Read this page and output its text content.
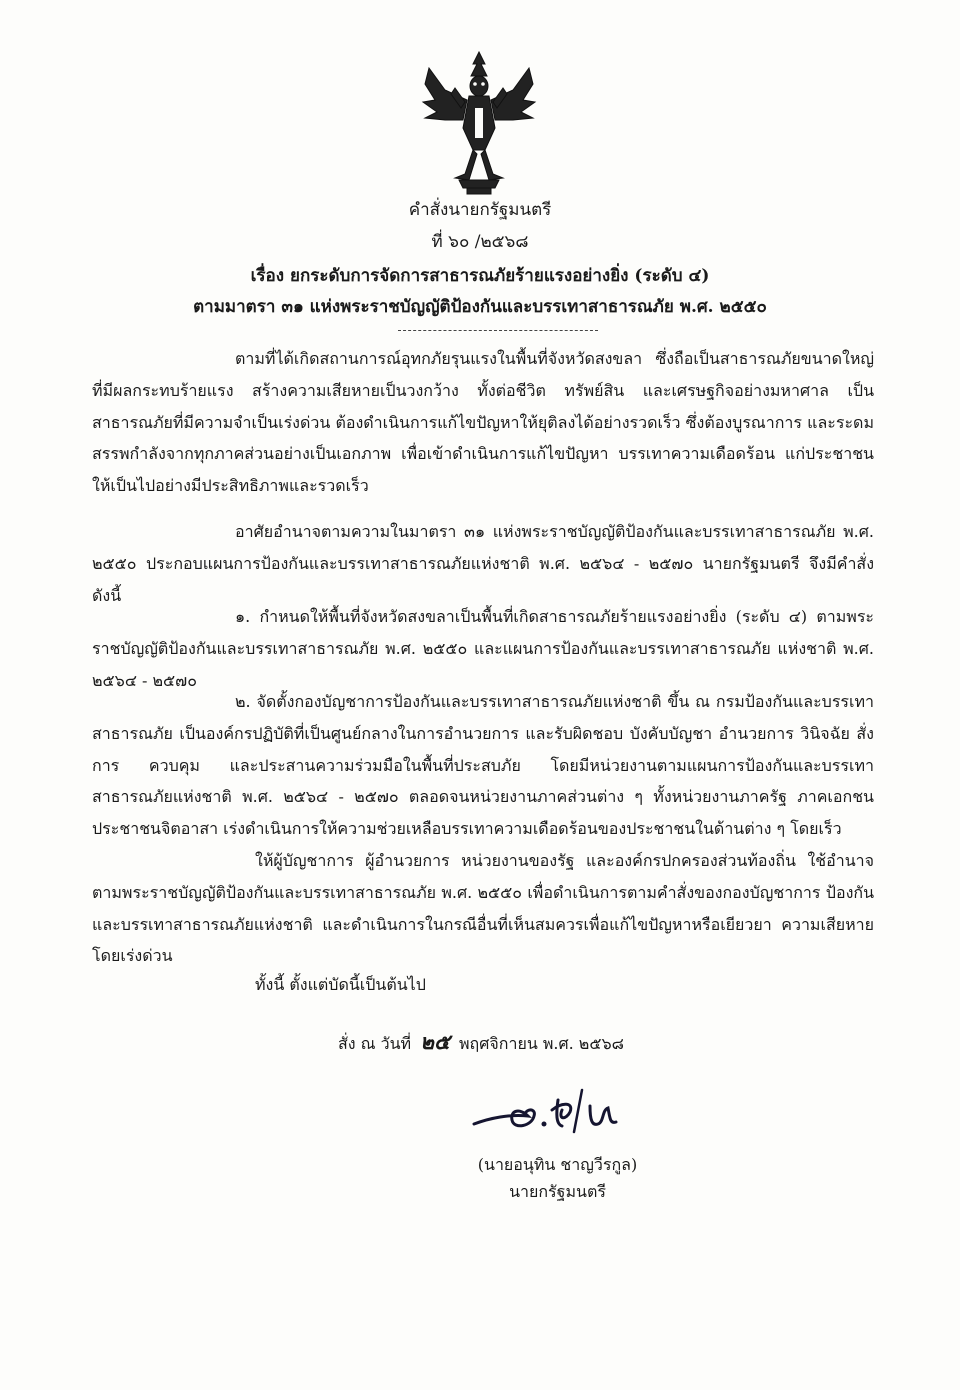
คำสั่งนายกรัฐมนตรี
ที่ ๖๐ /๒๕๖๘
เรื่อง ยกระดับการจัดการสาธารณภัยร้ายแรงอย่างยิ่ง (ระดับ ๔)
ตามมาตรา ๓๑ แห่งพระราชบัญญัติป้องกันและบรรเทาสาธารณภัย พ.ศ. ๒๕๕๐

ตามที่ได้เกิดสถานการณ์อุทกภัยรุนแรงในพื้นที่จังหวัดสงขลา ซึ่งถือเป็นสาธารณภัยขนาดใหญ่ ที่มีผลกระทบร้ายแรง สร้างความเสียหายเป็นวงกว้าง ทั้งต่อชีวิต ทรัพย์สิน และเศรษฐกิจอย่างมหาศาล เป็นสาธารณภัยที่มีความจำเป็นเร่งด่วน ต้องดำเนินการแก้ไขปัญหาให้ยุติลงได้อย่างรวดเร็ว ซึ่งต้องบูรณาการ และระดมสรรพกำลังจากทุกภาคส่วนอย่างเป็นเอกภาพ เพื่อเข้าดำเนินการแก้ไขปัญหา บรรเทาความเดือดร้อน แก่ประชาชนให้เป็นไปอย่างมีประสิทธิภาพและรวดเร็ว

อาศัยอำนาจตามความในมาตรา ๓๑ แห่งพระราชบัญญัติป้องกันและบรรเทาสาธารณภัย พ.ศ. ๒๕๕๐ ประกอบแผนการป้องกันและบรรเทาสาธารณภัยแห่งชาติ พ.ศ. ๒๕๖๔ - ๒๕๗๐ นายกรัฐมนตรี จึงมีคำสั่ง ดังนี้

๑. กำหนดให้พื้นที่จังหวัดสงขลาเป็นพื้นที่เกิดสาธารณภัยร้ายแรงอย่างยิ่ง (ระดับ ๔) ตามพระราชบัญญัติป้องกันและบรรเทาสาธารณภัย พ.ศ. ๒๕๕๐ และแผนการป้องกันและบรรเทาสาธารณภัย แห่งชาติ พ.ศ. ๒๕๖๔ - ๒๕๗๐

๒. จัดตั้งกองบัญชาการป้องกันและบรรเทาสาธารณภัยแห่งชาติ ขึ้น ณ กรมป้องกันและบรรเทา สาธารณภัย เป็นองค์กรปฏิบัติที่เป็นศูนย์กลางในการอำนวยการ และรับผิดชอบ บังคับบัญชา อำนวยการ วินิจฉัย สั่งการ ควบคุม และประสานความร่วมมือในพื้นที่ประสบภัย โดยมีหน่วยงานตามแผนการป้องกันและบรรเทา สาธารณภัยแห่งชาติ พ.ศ. ๒๕๖๔ - ๒๕๗๐ ตลอดจนหน่วยงานภาคส่วนต่าง ๆ ทั้งหน่วยงานภาครัฐ ภาคเอกชน ประชาชนจิตอาสา เร่งดำเนินการให้ความช่วยเหลือบรรเทาความเดือดร้อนของประชาชนในด้านต่าง ๆ โดยเร็ว

ให้ผู้บัญชาการ ผู้อำนวยการ หน่วยงานของรัฐ และองค์กรปกครองส่วนท้องถิ่น ใช้อำนาจ ตามพระราชบัญญัติป้องกันและบรรเทาสาธารณภัย พ.ศ. ๒๕๕๐ เพื่อดำเนินการตามคำสั่งของกองบัญชาการ ป้องกันและบรรเทาสาธารณภัยแห่งชาติ และดำเนินการในกรณีอื่นที่เห็นสมควรเพื่อแก้ไขปัญหาหรือเยียวยา ความเสียหายโดยเร่งด่วน

ทั้งนี้ ตั้งแต่บัดนี้เป็นต้นไป

สั่ง ณ วันที่ ๒๕ พฤศจิกายน พ.ศ. ๒๕๖๘
(นายอนุทิน ชาญวีรกูล)
นายกรัฐมนตรี
